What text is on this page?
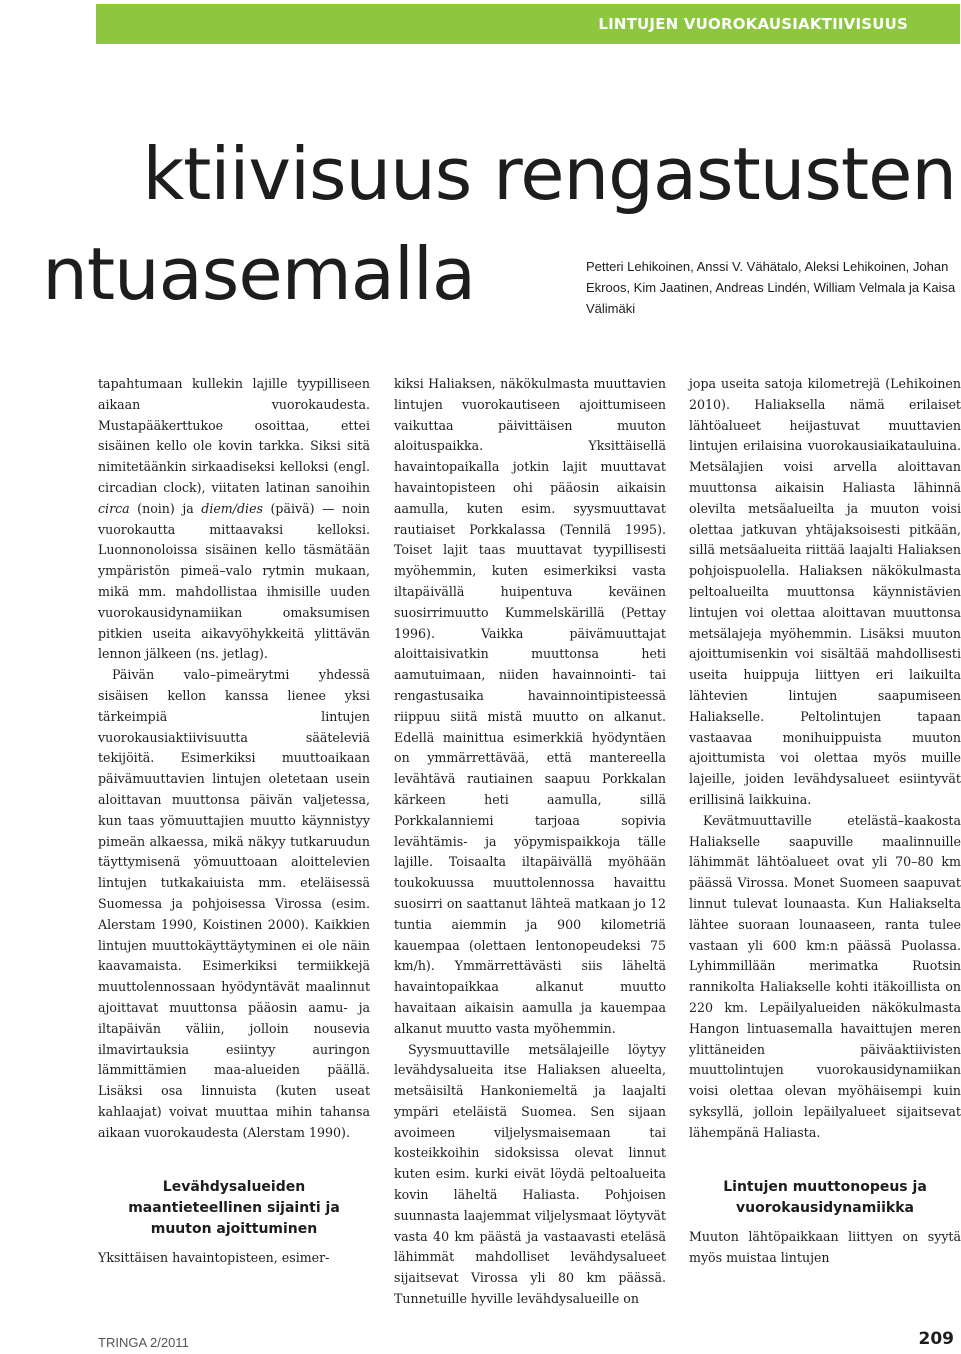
LINTUJEN VUOROKAUSIAKTIIVISUUS
ktiivisuus rengastusten
ntuasemalla	Petteri Lehikoinen, Anssi V. Vähätalo, Aleksi Lehikoinen, Johan Ekroos, Kim Jaatinen, Andreas Lindén, William Velmala ja Kaisa Välimäki

tapahtumaan kullekin lajille tyypilliseen aikaan vuorokaudesta. Mustapääkerttukoe osoittaa, ettei sisäinen kello ole kovin tarkka. Siksi sitä nimitetäänkin sirkaadiseksi kelloksi (engl. circadian clock), viitaten latinan sanoihin circa (noin) ja diem/dies (päivä) — noin vuorokautta mittaavaksi kelloksi. Luonnonoloissa sisäinen kello täsmätään ympäristön pimeä–valo rytmin mukaan, mikä mm. mahdollistaa ihmisille uuden vuorokausidynamiikan omaksumisen pitkien useita aikavyöhykkeitä ylittävän lennon jälkeen (ns. jetlag).

Päivän valo–pimeärytmi yhdessä sisäisen kellon kanssa lienee yksi tärkeimpiä lintujen vuorokausiaktiivisuutta sääteleviä tekijöitä. Esimerkiksi muuttoaikaan päivämuuttavien lintujen oletetaan usein aloittavan muuttonsa päivän valjetessa, kun taas yömuuttajien muutto käynnistyy pimeän alkaessa, mikä näkyy tutkaruudun täyttymisenä yömuuttoaan aloittelevien lintujen tutkakaiuista mm. eteläisessä Suomessa ja pohjoisessa Virossa (esim. Alerstam 1990, Koistinen 2000). Kaikkien lintujen muuttokäyttäytyminen ei ole näin kaavamaista. Esimerkiksi termiikkejä muuttolennossaan hyödyntävät maalinnut ajoittavat muuttonsa pääosin aamu- ja iltapäivän väliin, jolloin nousevia ilmavirtauksia esiintyy auringon lämmittämien maa-alueiden päällä. Lisäksi osa linnuista (kuten useat kahlaajat) voivat muuttaa mihin tahansa aikaan vuorokaudesta (Alerstam 1990).

Levähdysalueiden maantieteellinen sijainti ja muuton ajoittuminen

Yksittäisen havaintopisteen, esimer-

kiksi Haliaksen, näkökulmasta muuttavien lintujen vuorokautiseen ajoittumiseen vaikuttaa päivittäisen muuton aloituspaikka. Yksittäisellä havaintopaikalla jotkin lajit muuttavat havaintopisteen ohi pääosin aikaisin aamulla, kuten esim. syysmuuttavat rautiaiset Porkkalassa (Tennilä 1995). Toiset lajit taas muuttavat tyypillisesti myöhemmin, kuten esimerkiksi vasta iltapäivällä huipentuva keväinen suosirrimuutto Kummelskärillä (Pettay 1996). Vaikka päivämuuttajat aloittaisivatkin muuttonsa heti aamutuimaan, niiden havainnointi- tai rengastusaika havainnointipisteessä riippuu siitä mistä muutto on alkanut. Edellä mainittua esimerkkiä hyödyntäen on ymmärrettävää, että mantereella levähtävä rautiainen saapuu Porkkalan kärkeen heti aamulla, sillä Porkkalanniemi tarjoaa sopivia levähtämis- ja yöpymispaikkoja tälle lajille. Toisaalta iltapäivällä myöhään toukokuussa muuttolennossa havaittu suosirri on saattanut lähteä matkaan jo 12 tuntia aiemmin ja 900 kilometriä kauempaa (olettaen lentonopeudeksi 75 km/h). Ymmärrettävästi siis läheltä havaintopaikkaa alkanut muutto havaitaan aikaisin aamulla ja kauempaa alkanut muutto vasta myöhemmin.

Syysmuuttaville metsälajeille löytyy levähdysalueita itse Haliaksen alueelta, metsäisiltä Hankoniemeltä ja laajalti ympäri eteläistä Suomea. Sen sijaan avoimeen viljelysmaisemaan tai kosteikkoihin sidoksissa olevat linnut kuten esim. kurki eivät löydä peltoalueita kovin läheltä Haliasta. Pohjoisen suunnasta laajemmat viljelysmaat löytyvät vasta 40 km päästä ja vastaavasti eteläsä lähimmät mahdolliset levähdysalueet sijaitsevat Virossa yli 80 km päässä. Tunnetuille hyville levähdysalueille on

jopa useita satoja kilometrejä (Lehikoinen 2010). Haliaksella nämä erilaiset lähtöalueet heijastuvat muuttavien lintujen erilaisina vuorokausiaikatauluina. Metsälajien voisi arvella aloittavan muuttonsa aikaisin Haliasta lähinnä olevilta metsäalueilta ja muuton voisi olettaa jatkuvan yhtäjaksoisesti pitkään, sillä metsäalueita riittää laajalti Haliaksen pohjoispuolella. Haliaksen näkökulmasta peltoalueilta muuttonsa käynnistävien lintujen voi olettaa aloittavan muuttonsa metsälajeja myöhemmin. Lisäksi muuton ajoittumisenkin voi sisältää mahdollisesti useita huippuja liittyen eri laikuilta lähtevien lintujen saapumiseen Haliakselle. Peltolintujen tapaan vastaavaa monihuippuista muuton ajoittumista voi olettaa myös muille lajeille, joiden levähdysalueet esiintyvät erillisinä laikkuina.

Kevätmuuttaville etelästä–kaakosta Haliakselle saapuville maalinnuille lähimmät lähtöalueet ovat yli 70–80 km päässä Virossa. Monet Suomeen saapuvat linnut tulevat lounaasta. Kun Haliakselta lähtee suoraan lounaaseen, ranta tulee vastaan yli 600 km:n päässä Puolassa. Lyhimmillään merimatka Ruotsin rannikolta Haliakselle kohti itäkoillista on 220 km. Lepäilyalueiden näkökulmasta Hangon lintuasemalla havaittujen meren ylittäneiden päiväaktiivisten muuttolintujen vuorokausidynamiikan voisi olettaa olevan myöhäisempi kuin syksyllä, jolloin lepäilyalueet sijaitsevat lähempänä Haliasta.

Lintujen muuttonopeus ja vuorokausidynamiikka

Muuton lähtöpaikkaan liittyen on syytä myös muistaa lintujen

TRINGA 2/2011	209
